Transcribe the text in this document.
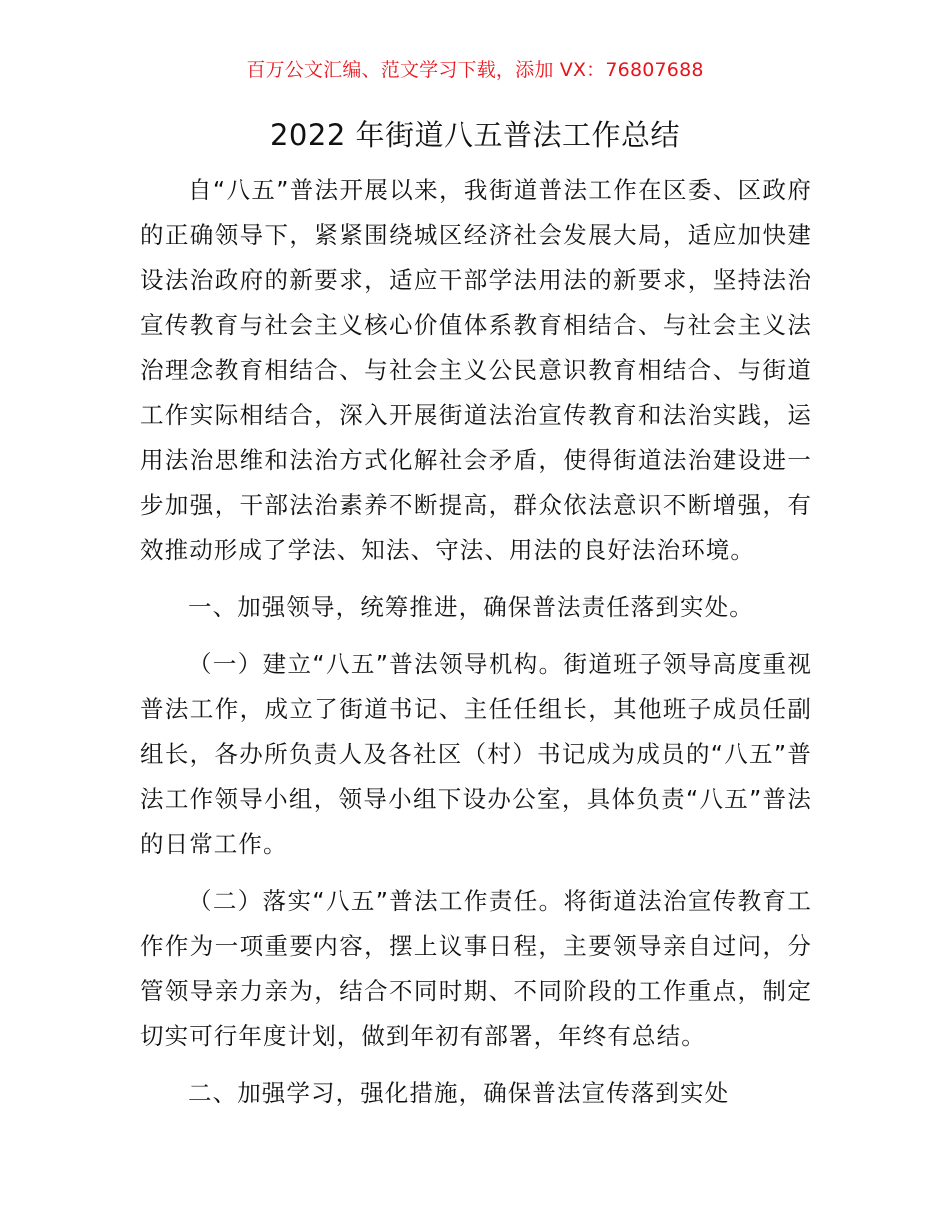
百万公文汇编、范文学习下载，添加 VX：76807688
2022 年街道八五普法工作总结

自“八五”普法开展以来，我街道普法工作在区委、区政府的正确领导下，紧紧围绕城区经济社会发展大局，适应加快建设法治政府的新要求，适应干部学法用法的新要求，坚持法治宣传教育与社会主义核心价值体系教育相结合、与社会主义法治理念教育相结合、与社会主义公民意识教育相结合、与街道工作实际相结合，深入开展街道法治宣传教育和法治实践，运用法治思维和法治方式化解社会矛盾，使得街道法治建设进一步加强，干部法治素养不断提高，群众依法意识不断增强，有效推动形成了学法、知法、守法、用法的良好法治环境。

一、加强领导，统筹推进，确保普法责任落到实处。

（一）建立“八五”普法领导机构。街道班子领导高度重视普法工作，成立了街道书记、主任任组长，其他班子成员任副组长，各办所负责人及各社区（村）书记成为成员的“八五”普法工作领导小组，领导小组下设办公室，具体负责“八五”普法的日常工作。

（二）落实“八五”普法工作责任。将街道法治宣传教育工作作为一项重要内容，摆上议事日程，主要领导亲自过问，分管领导亲力亲为，结合不同时期、不同阶段的工作重点，制定切实可行年度计划，做到年初有部署，年终有总结。

二、加强学习，强化措施，确保普法宣传落到实处
